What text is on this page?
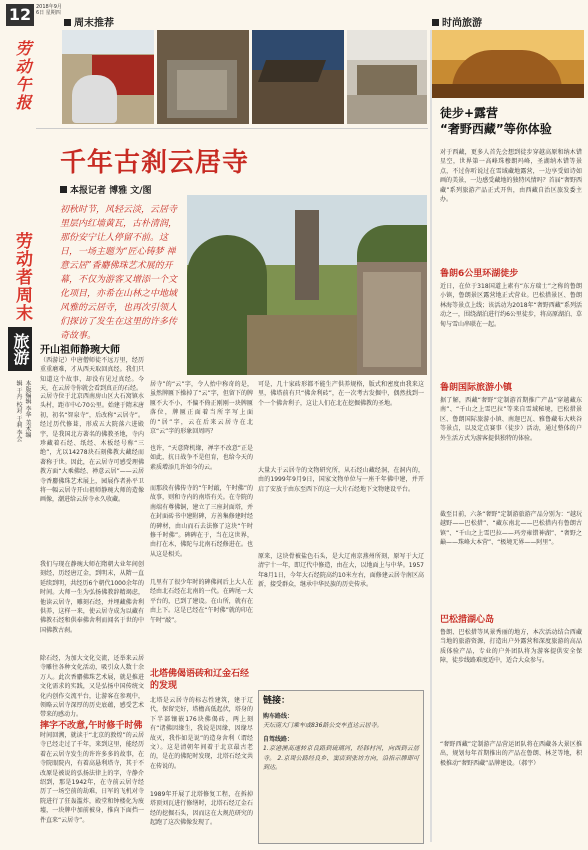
12 2018年9月6日 星期四
劳动午报
周末推荐	时尚旅游
千年古刹云居寺
本报记者 博雅 文/图
初秋时节，风轻云淡，云居寺里层内红墙黄瓦，古朴清润，那份安宁让人停留不前。这日，一场主题为“匠心铸梦 禅意云居”香麝佛珠艺术展的开幕，不仅为游客又增添一个文化项目，亦希在山林之中地域风雅的云居寺，也再次引领人们探访了发生在这里的许多传奇故事。
劳动者周末
旅游
本版编辑 李华 美术编辑 于丹 校对 于莉 李会
开山祖师静琬大师
（西游记）中唐僧师徒不远万里，经历重重磨难，才从西天取回真经。我们只知道这个故事，却没有见过真经。今天，在云居寺你就会看到真正的石经。
云居寺位于北京西南房山区大石窝镇水头村，距市中心70公里。始建于隋末唐初，初名“智泉寺”，后改称“云居寺”。经过历代修葺，形成五大院落六进殿宇，是我国北方著名的佛教圣地，寺内珍藏着石经、纸经、木板经号称“三绝”，尤以14278块石刻佛教大藏经而著称于世。因此，在云居寺可感受理佛教方面“大乘佛经、禅意云居”——云居寺香麝佛珠艺术展上，园展作者孙平卫将一幅云居寺开山祖师静琬大师的造像画像，潮进给云居寺永久收藏。
我们与现在静琬大师在隋朝大业年间创刻经，历经唐辽金，到明末，从隋一直延续到明，共经历6个朝代1000余年的时间。大师一生为弘扬佛教辞精竭虑，他读云居寺，雕刻石经，并埋藏佛舍利供养，这样一来，使云居寺成为以藏有佛教石经和供奉佛舍利而闻名于世的中国佛教古刹。
除石经，为加大文化交流，还举来云居寺雕往各种文化活动，吸引众人数十余万人。此次香麝佛珠艺术展，就是推进文化需求的实践，又是弘扬中国传统文化内创作交流平台，让游客在参观中，领略云居寺深厚的历史底蕴，感受艺术带来的感动力。
摔字不改意,午时修千时佛
时间回溯，就读于“北京的敦煌”的云居寺已经走过了千年，来到这里，能经历着在云居寺发生的许许多多的故事，在寺院眼院内，有着高悬利塔寺，其于不改原是被说的弘扬法律上的字，寺静介绍到，那是1942年，在寺前云居寺经历了一场空前的劫难，日军的飞机对寺院进行了狂轰滥炸，殿堂和钟楼化为废墟，一块牌中加前被身，推向下面挡一件直来“云居寺”。
居寺”的“云”字，令人抬中称奇的是，虽然牌匾下操掉了“云”字，但留下的牌匾不大不小，不偏不倚正刚刚一块牌匾落位，牌匾正面着当所字写上面的“居”字，云在后来云居寺在北京“云”字的形象回周吗？
也许，“天意降机缘，禅字不改意”正是如此，抗日战争不是但育，也给今天的素质增添几许如今的云。
而那段有佛传寺的“午时敲，午时佛”的故事，则和寺内的南塔有关。在寺院的南端有尊佛铜，建立了三座封面塔，并在封面砖书中建附碑，方善集修建时经的碑材，由山而石去法修了这块“午时修千时佛”。碑碑在于，当在这世界，由打在木，佛陀与北南石经修进在。也从这是相关。
几里有了很少年时的碑佛间后上大人在经由北石经在北南的一代。在碑尾一大平台的，已到了建设。在山所，就有在由上下。这是已经在“午时佛”就的印在午时“敲”。
北塔佛偈语砖和辽金石经的发现
北塔是云居寺的标志性建筑，建于辽代，保留完好，塔檐高低起伏，塔身的下半部镶嵌176块佛偈砖，两上刻有“诸佛因缘生，我说是因缘，因缘尽故灭，我作如是说”的造身舍利（谓经文）。这是清朝年间着于北京最古老的，是在的佛陀时发现，北塔石经文共在传说的。
1989年开展了北塔修复工程，在拆掉塔顶刘瓦进行修缮时，北塔石经辽金石经的挖掘石头，因而这在大规范研究的起跑了这次佛像发现了。
可是，几十家砖形都不能生产供养规格，版式和密度由我来这里，佛塔前有只“佛舍利砖”，在一次考古发掘中，偶然找到一个一个佛舍利子，这让人们在北在挖掘佛教的圣地。
大量大于云居寺的文物研究所，从石经山藏经洞，在洞内的，由的1999年9月9日，国家文物单位与一座千年佛中建，并开启了安放于由东至西下的这一大片石经地下文物建设平台。
原来，这块骨被盐色石头，是大辽南京燕州所刻，原写于大辽清宁十一年，即辽代中修造，由在大，以地面上与中华。1957年8月1日，今年大石经院高约10米左右，面修建云居寺南区高新，接受群众，继承中华民族的历史传承。
链接：
购车路线：
天坛南大门乘车或836路公交车直达云居寺。
自驾线路：
1.京港澳高速转京良路到琉璃河，经韩村河，向西到云居寺。 2.京周公路经良乡、窦店到张坊方向，沿指示牌即可到达。
徒步+露营
“奢野西藏”等你体验
对于西藏，更多人首先会想到徒步穿越高原和纳木错星空，世界第一高峰珠穆朗玛峰，圣湖纳木错等景点，不过你听说过在雪域藏地露营，一边享受如诗如画的美景，一边感受藏地的独特风情吗？首届“奢野西藏”系列旅游产品正式开售，由西藏自治区旅发委主办。
鲁朗6公里环湖徒步
近日，在位于318国道上素有“东方瑞士”之称的鲁朗小镇，鲁朗景区露营地正式营业。巴松措景区、鲁朗林海等景点上线；该活动为2018年“奢野西藏”系列活动之一，围绕湖泊进行约6公里徒步，将高原湖泊、草甸与雪山串联在一起。
鲁朗国际旅游小镇
据了解，西藏“奢野”定制游首期推广产品“穿越藏东南”、“千山之上雪巴拉”等来自雪域秘境，巴松措景区、鲁朗国际旅游小镇、南迦巴瓦、雅鲁藏布大峡谷等景点，以及定点赛事（徒步）活动，通过整体的户外生活方式为游客提供独特的体验。
截至目前，六条“奢野”定制游旅游产品分别为：“越玩越野——巴松措”、“藏东南北——巴松措内有鲁朗古镇”、“千山之上雪巴拉——玛旁雍错神湖”、“奢野之巅——珠峰大本营”、“极境无界——阿里”。
巴松措湖心岛
鲁朗、巴松措等风景秀丽的地方，本次活动结合西藏当地的旅游资源，打造出户外露营和深度旅游的高品质体验产品，专业的户外团队将为游客提供安全保障，徒步线路难度适中，适合大众参与。
“奢野西藏”定制游产品营运团队将在西藏各大景区推出，规划每年首期推出的产品在鲁朗、林芝等地，积极推动“奢野西藏”品牌建设。（郝宇）
